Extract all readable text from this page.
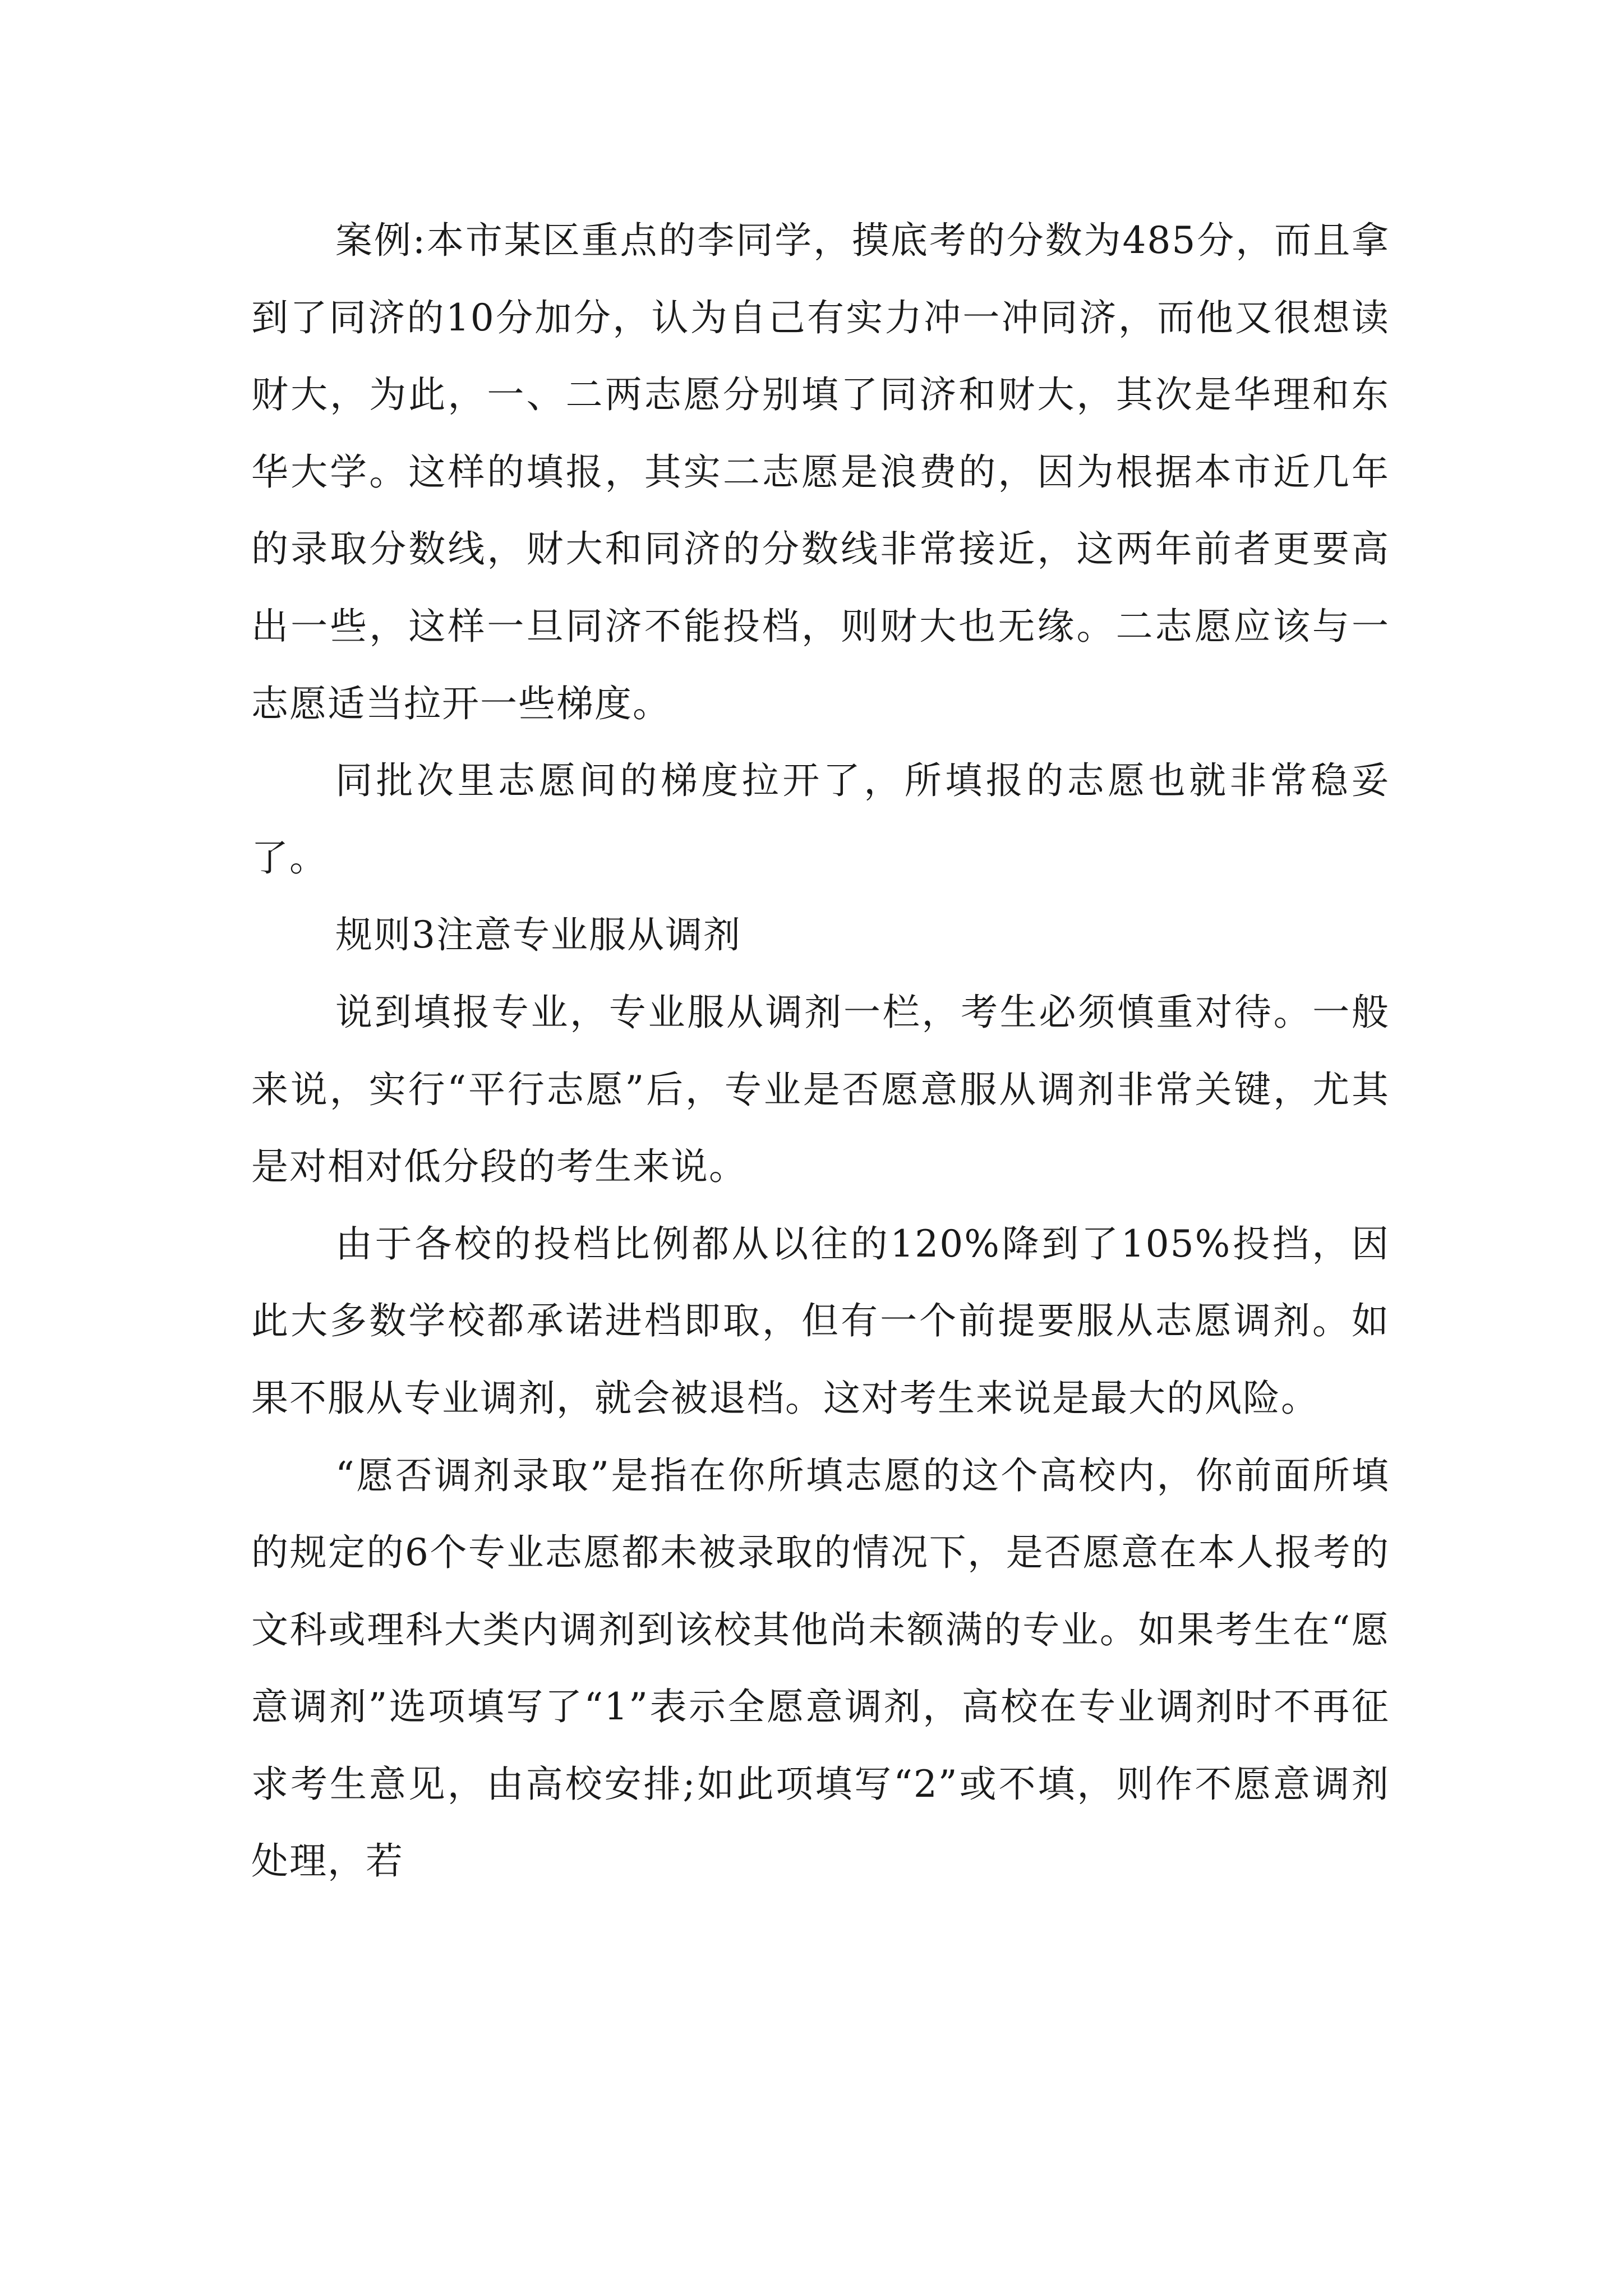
案例:本市某区重点的李同学，摸底考的分数为485分，而且拿到了同济的10分加分，认为自己有实力冲一冲同济，而他又很想读财大，为此，一、二两志愿分别填了同济和财大，其次是华理和东华大学。这样的填报，其实二志愿是浪费的，因为根据本市近几年的录取分数线，财大和同济的分数线非常接近，这两年前者更要高出一些，这样一旦同济不能投档，则财大也无缘。二志愿应该与一志愿适当拉开一些梯度。

同批次里志愿间的梯度拉开了，所填报的志愿也就非常稳妥了。

规则3注意专业服从调剂

说到填报专业，专业服从调剂一栏，考生必须慎重对待。一般来说，实行“平行志愿”后，专业是否愿意服从调剂非常关键，尤其是对相对低分段的考生来说。

由于各校的投档比例都从以往的120%降到了105%投挡，因此大多数学校都承诺进档即取，但有一个前提要服从志愿调剂。如果不服从专业调剂，就会被退档。这对考生来说是最大的风险。

“愿否调剂录取”是指在你所填志愿的这个高校内，你前面所填的规定的6个专业志愿都未被录取的情况下，是否愿意在本人报考的文科或理科大类内调剂到该校其他尚未额满的专业。如果考生在“愿意调剂”选项填写了“1”表示全愿意调剂，高校在专业调剂时不再征求考生意见，由高校安排;如此项填写“2”或不填，则作不愿意调剂处理，若
